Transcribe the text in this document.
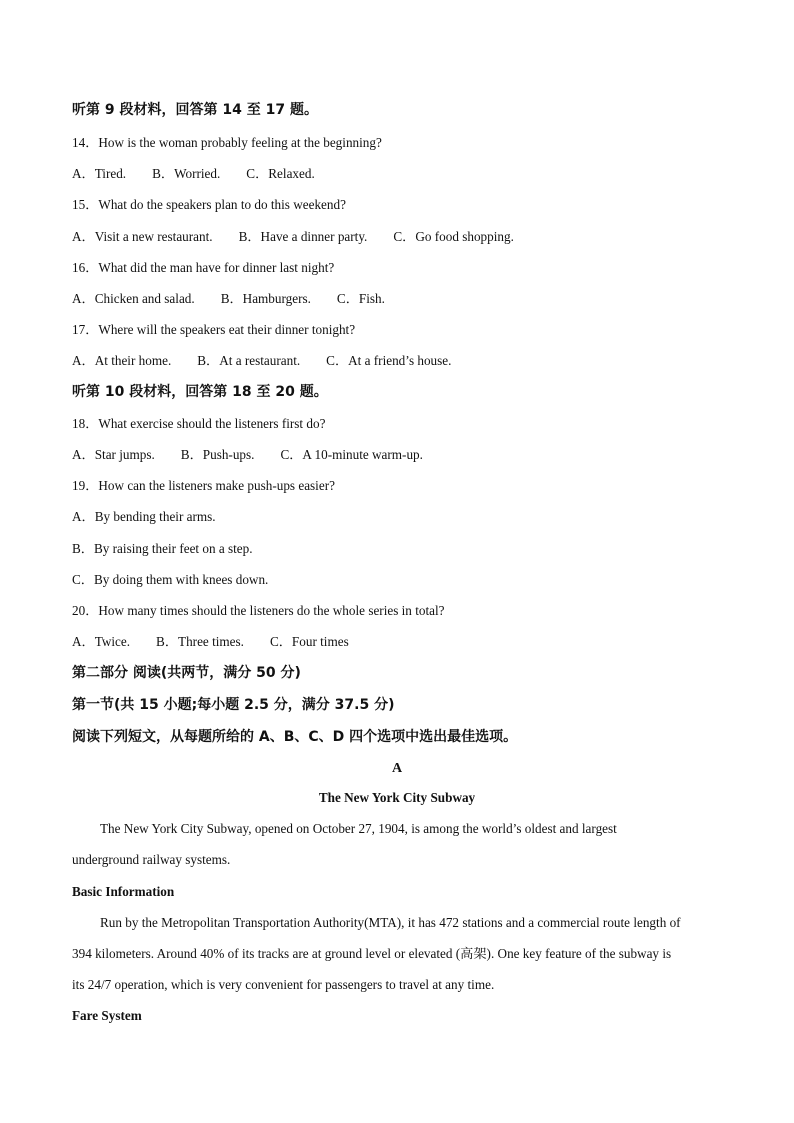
听第 9 段材料，回答第 14 至 17 题。
14．How is the woman probably feeling at the beginning?
A．Tired. B．Worried. C．Relaxed.
15．What do the speakers plan to do this weekend?
A．Visit a new restaurant. B．Have a dinner party. C．Go food shopping.
16．What did the man have for dinner last night?
A．Chicken and salad. B．Hamburgers. C．Fish.
17．Where will the speakers eat their dinner tonight?
A．At their home. B．At a restaurant. C．At a friend’s house.
听第 10 段材料，回答第 18 至 20 题。
18．What exercise should the listeners first do?
A．Star jumps. B．Push-ups. C．A 10-minute warm-up.
19．How can the listeners make push-ups easier?
A．By bending their arms.
B．By raising their feet on a step.
C．By doing them with knees down.
20．How many times should the listeners do the whole series in total?
A．Twice. B．Three times. C．Four times
第二部分 阅读(共两节，满分 50 分)
第一节(共 15 小题;每小题 2.5 分，满分 37.5 分)
阅读下列短文，从每题所给的 A、B、C、D 四个选项中选出最佳选项。
A
The New York City Subway
The New York City Subway, opened on October 27, 1904, is among the world’s oldest and largest
underground railway systems.
Basic Information
Run by the Metropolitan Transportation Authority(MTA), it has 472 stations and a commercial route length of
394 kilometers. Around 40% of its tracks are at ground level or elevated (高架). One key feature of the subway is
its 24/7 operation, which is very convenient for passengers to travel at any time.
Fare System
